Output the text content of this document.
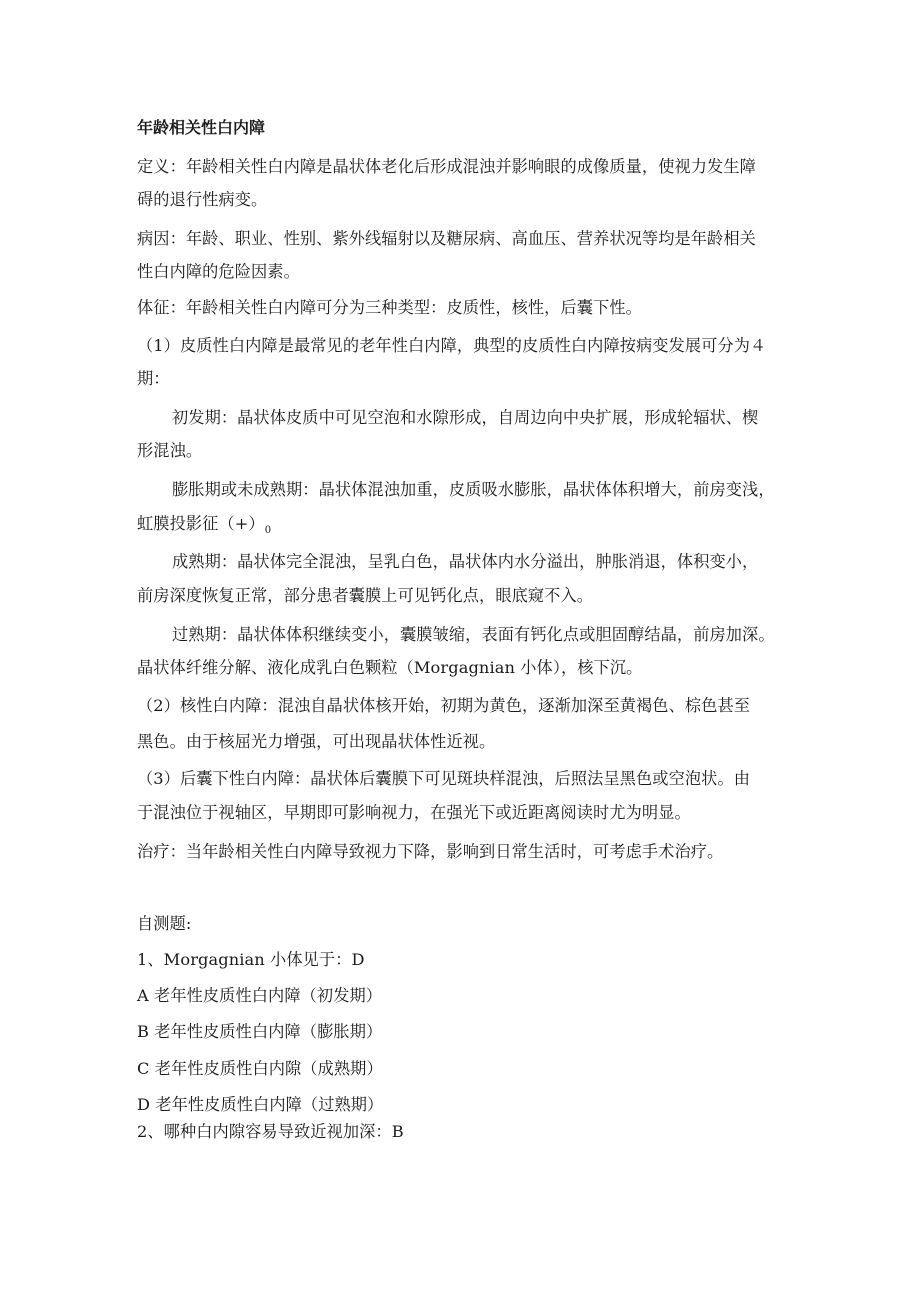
年龄相关性白内障
定义：年龄相关性白内障是晶状体老化后形成混浊并影响眼的成像质量，使视力发生障
碍的退行性病变。
病因：年龄、职业、性别、紫外线辐射以及糖尿病、高血压、营养状况等均是年龄相关
性白内障的危险因素。
体征：年龄相关性白内障可分为三种类型：皮质性，核性，后囊下性。
（1）皮质性白内障是最常见的老年性白内障，典型的皮质性白内障按病变发展可分为４
期：
初发期：晶状体皮质中可见空泡和水隙形成，自周边向中央扩展，形成轮辐状、楔
形混浊。
膨胀期或未成熟期：晶状体混浊加重，皮质吸水膨胀，晶状体体积增大，前房变浅，
虹膜投影征$(+)_0$
成熟期：晶状体完全混浊，呈乳白色，晶状体内水分溢出，肿胀消退，体积变小，
前房深度恢复正常，部分患者囊膜上可见钙化点，眼底窥不入。
过熟期：晶状体体积继续变小，囊膜皱缩，表面有钙化点或胆固醇结晶，前房加深。
晶状体纤维分解、液化成乳白色颗粒（Morgagnian 小体），核下沉。
（2）核性白内障：混浊自晶状体核开始，初期为黄色，逐渐加深至黄褐色、棕色甚至
黑色。由于核屈光力增强，可出现晶状体性近视。
（3）后囊下性白内障：晶状体后囊膜下可见斑块样混浊，后照法呈黑色或空泡状。由
于混浊位于视轴区，早期即可影响视力，在强光下或近距离阅读时尤为明显。
治疗：当年龄相关性白内障导致视力下降，影响到日常生活时，可考虑手术治疗。
自测题:
1、Morgagnian 小体见于：D
A 老年性皮质性白内障（初发期）
B 老年性皮质性白内障（膨胀期）
C 老年性皮质性白内隙（成熟期）
D 老年性皮质性白内障（过熟期）
2、哪种白内隙容易导致近视加深：B
